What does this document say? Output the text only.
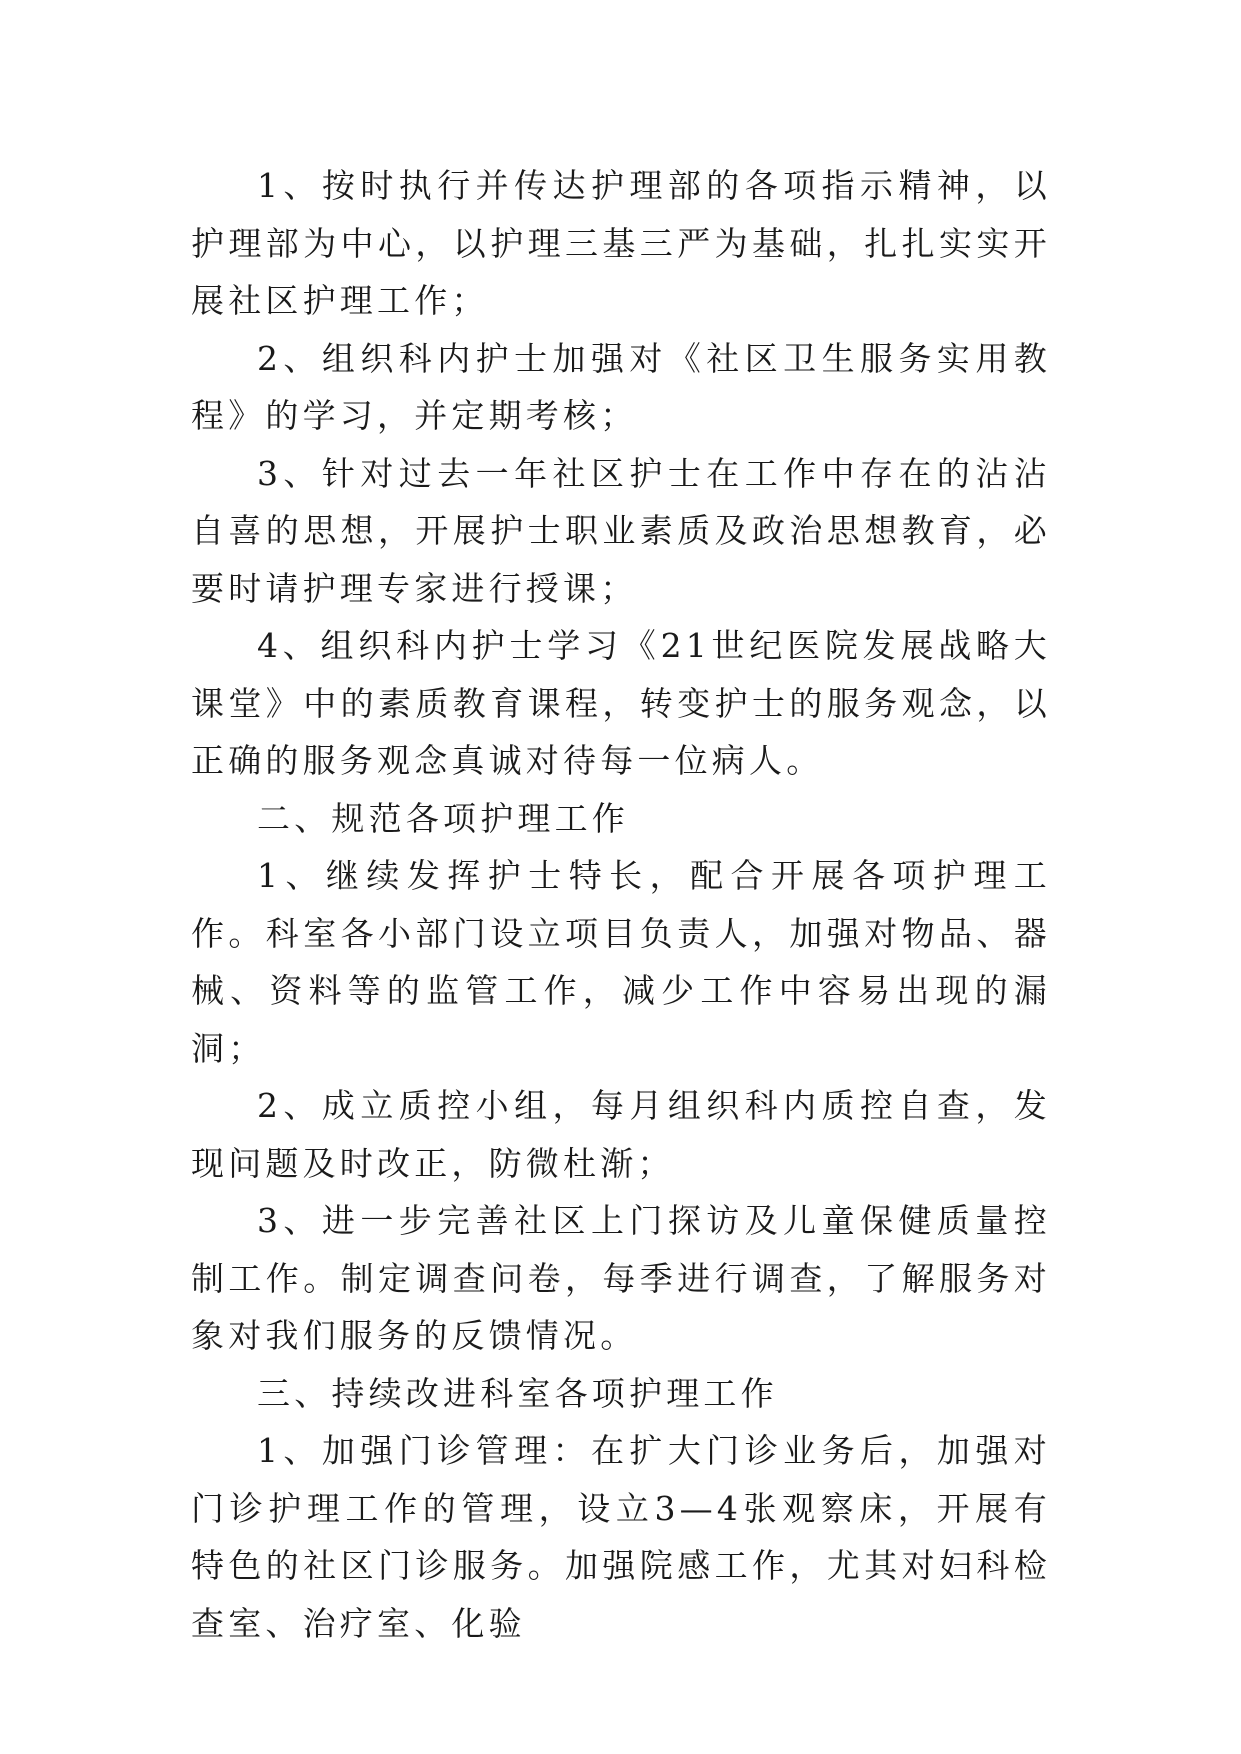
1、按时执行并传达护理部的各项指示精神，以护理部为中心，以护理三基三严为基础，扎扎实实开展社区护理工作；

2、组织科内护士加强对《社区卫生服务实用教程》的学习，并定期考核；

3、针对过去一年社区护士在工作中存在的沾沾自喜的思想，开展护士职业素质及政治思想教育，必要时请护理专家进行授课；

4、组织科内护士学习《21世纪医院发展战略大课堂》中的素质教育课程，转变护士的服务观念，以正确的服务观念真诚对待每一位病人。

二、规范各项护理工作

1、继续发挥护士特长，配合开展各项护理工作。科室各小部门设立项目负责人，加强对物品、器械、资料等的监管工作，减少工作中容易出现的漏洞；

2、成立质控小组，每月组织科内质控自查，发现问题及时改正，防微杜渐；

3、进一步完善社区上门探访及儿童保健质量控制工作。制定调查问卷，每季进行调查，了解服务对象对我们服务的反馈情况。

三、持续改进科室各项护理工作

1、加强门诊管理：在扩大门诊业务后，加强对门诊护理工作的管理，设立3—4张观察床，开展有特色的社区门诊服务。加强院感工作，尤其对妇科检查室、治疗室、化验
